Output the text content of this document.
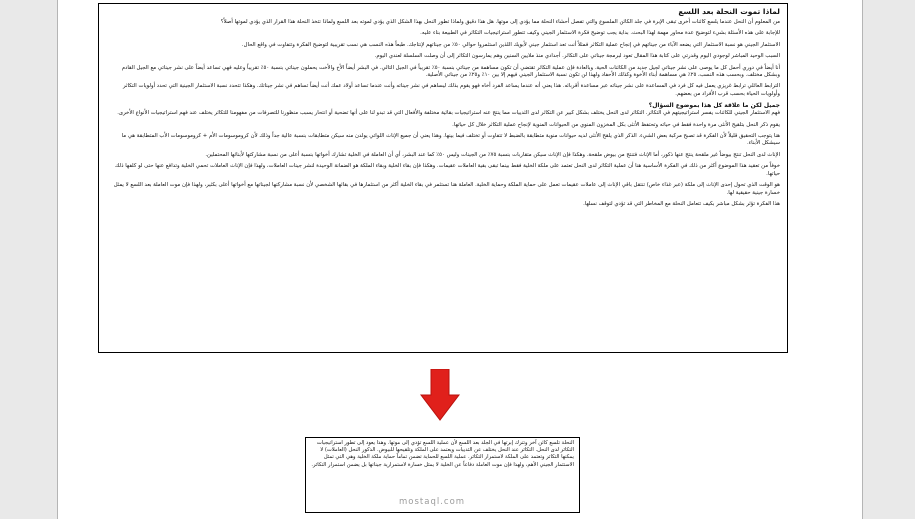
لماذا تموت النحلة بعد اللسع

من المعلوم أن النحل عندما يلسع كائنات أخرى تبقى الإبرة في جلد الكائن الملسوع والتي تفصل أحشاء النحلة مما يؤدي إلى موتها. هل هذا دقيق ولماذا تطور النحل بهذا الشكل الذي يؤدي لموته بعد اللسع ولماذا تتخذ النحلة هذا القرار الذي يؤدي لموتها أصلاً؟

للإجابة على هذه الأسئلة بشيء لتوضيح عدة محاور مهمة لهذا البحث. بداية يجب توضيح فكرة الاستثمار الجيني وكيف تتطور استراتيجيات التكاثر في الطبيعة بناء عليه.

الاستثمار الجيني هو نسبة الاستثمار التي يضعه الآباء من جيناتهم في إنجاح عملية التكاثر فمثلاً أنت تعد استثمار جيني لأبويك اللذين استثمروا حوالي ٥٠٪ من جيناتهم لإنتاجك. طبعاً هذه النسب هي نسب تقريبية لتوضيح الفكرة وتتفاوت في واقع الحال.

السبب الوحيد المباشر لوجودي اليوم وقدرتي على كتابة هذا المقال تعود لبرمجة جيناتي على التكاثر. أجدادي منذ ملايين السنين وهم يمارسون التكاثر إلى أن وصلت السلسلة لعندي اليوم.

أنا أيضاً في دوري أحمل كل ما يوصى على نشر جيناتي لجيل جديد من الكائنات الحية. وبالعادة فإن عملية التكاثر تقتضي أن تكون مساهمة من جيناتي بنسبة ٥٠٪ تقريباً في الجيل التالي. في البشر أيضاً الأخ والأخت يحملون جيناتي بنسبة ٥٠٪ تقريباً وعليه فهي تساعد أيضاً على نشر جيناتي مع الجيل القادم وبشكل مختلف. وبحسب هذه النسب، ٢٥٪ هي مساهمة أبناء الأخوة وكذلك الأحفاد ولهذا لن تكون نسبة الاستثمار الجيني فيهم إلا بين ١٠٪ و٢٥٪ من جيناتي الأصلية.

الترابط العائلي ترابط غريزي يعمل فيه كل فرد في المساعدة على نشر جيناته عبر مساعدة أقربائه. هذا يعني أنه عندما يساعد الفرد أخاه فهو يقوم بذلك ليساهم في نشر جيناته وأنت عندما تساعد أولاد عمك أنت أيضاً تساهم في نشر جيناتك. وهكذا تتحدد نسبة الاستثمار الجينية التي تحدد أولويات التكاثر وأولويات الحياة بحسب قرب الأفراد من بعضهم.

جميل لكن ما علاقة كل هذا بموضوع السؤال؟

فهم الاستثمار الجيني للكائنات يفسر استراتيجيتهم في التكاثر. التكاثر لدى النحل يختلف بشكل كبير عن التكاثر لدى الثدييات مما ينتج عنه استراتيجيات بقائية مختلفة والأفعال التي قد تبدو لنا على أنها تضحية أو انتحار يسبب منظورنا للتصرفات من مفهومنا للتكاثر يختلف عند فهم استراتيجيات الأنواع الأخرى.

يقوم ذكر النحل بتلقيح الأنثى مرة واحدة فقط في حياته وتحتفظ الأنثى بكل المخزون المنوي من الحيوانات المنوية لإنجاح عملية التكاثر خلال كل حياتها.

هنا يتوجب التحقيق قليلاً لأن الفكرة قد تصبح مركبة بعض الشيء. الذكر الذي يلقح الأنثى لديه حيوانات منوية متطابقة بالضبط لا تتفاوت أو تختلف فيما بينها. وهذا يعني أن جميع الإناث اللواتي يولدن منه سيكن متطابقات بنسبة عالية جداً وذلك لأن كروموسومات الأم + كروموسومات الأب المتطابقة هي ما سيشكل الأبناء.

الإناث لدى النحل تنتج بيوضاً غير ملقحة ينتج عنها ذكور، أما الإناث فتنتج من بيوض ملقحة. وهكذا فإن الإناث سيكن متقاربات بنسبة ٧٥٪ من الجينات وليس ٥٠٪ كما عند البشر، أي أن العاملة في الخلية تشارك أخواتها بنسبة أعلى من نسبة مشاركتها لأبنائها المحتملين.

خوفاً من تعقيد هذا الموضوع أكثر من ذلك في الفكرة الأساسية هنا أن عملية التكاثر لدى النحل تعتمد على ملكة الخلية فقط بينما تبقى بقية العاملات عقيمات. وهكذا فإن بقاء الخلية وبقاء الملكة هو الضمانة الوحيدة لنشر جينات العاملات، ولهذا فإن الإناث العاملات تحمي الخلية وتدافع عنها حتى لو كلفها ذلك حياتها.

هو الوقت الذي تحول إحدى الإناث إلى ملكة (عبر غذاء خاص) تنتقل باقي الإناث إلى عاملات عقيمات تعمل على حماية الملكة وحماية الخلية. العاملة هنا تستثمر في بقاء الخلية أكثر من استثمارها في بقائها الشخصي لأن نسبة مشاركتها لجيناتها مع أخواتها أعلى بكثير، ولهذا فإن موت العاملة بعد اللسع لا يمثل خسارة جينية حقيقية لها.

هذا الفكرة تؤثر بشكل مباشر بكيف تتعامل النحلة مع المخاطر التي قد تؤدي لتوقف نسلها.

النحلة تلسع كائن آخر وتترك إبرتها في الجلد بعد اللسع لأن عملية اللسع تؤدي إلى موتها. وهذا يعود إلى تطور استراتيجيات التكاثر لدى النحل. التكاثر عند النحل يختلف عن الثدييات ويعتمد على الملكة وتلقيحها للبيوض. الذكور النحل (العاملات) لا يمكنها التكاثر وتعتمد على الملكة لاستمرار التكاثر. عملية اللسع للحماية تضمن تماماً حماية ملكة الخلية وهي التي تمثل الاستثمار الجيني الأهم، ولهذا فإن موت العاملة دفاعاً عن الخلية لا يمثل خسارة لاستمرارية جيناتها بل يضمن استمرار التكاثر.

mostaql.com
